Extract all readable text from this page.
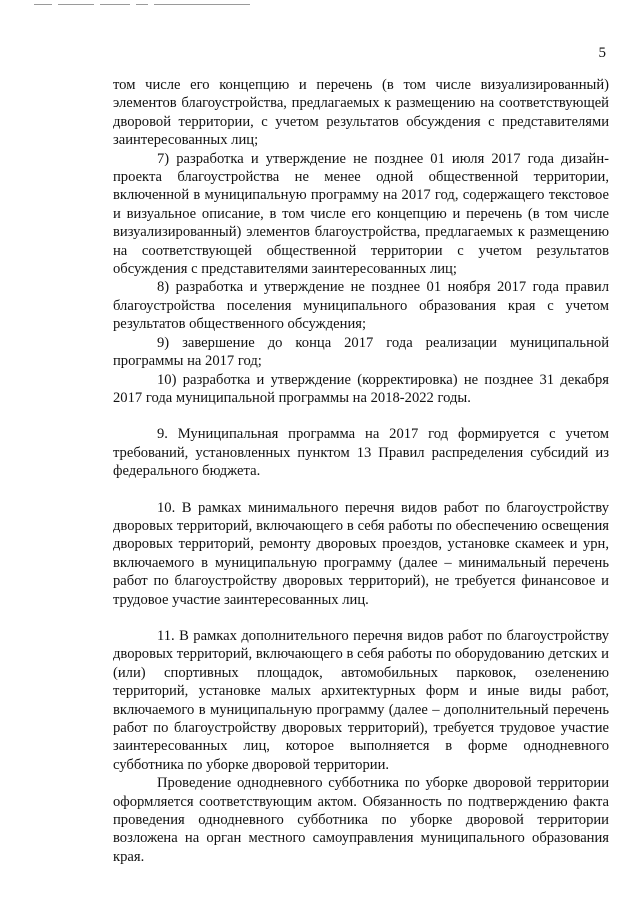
5

том числе его концепцию и перечень (в том числе визуализированный) элементов благоустройства, предлагаемых к размещению на соответствующей дворовой территории, с учетом результатов обсуждения с представителями заинтересованных лиц;

7) разработка и утверждение не позднее 01 июля 2017 года дизайн-проекта благоустройства не менее одной общественной территории, включенной в муниципальную программу на 2017 год, содержащего текстовое и визуальное описание, в том числе его концепцию и перечень (в том числе визуализированный) элементов благоустройства, предлагаемых к размещению на соответствующей общественной территории с учетом результатов обсуждения с представителями заинтересованных лиц;

8) разработка и утверждение не позднее 01 ноября 2017 года правил благоустройства поселения муниципального образования края с учетом результатов общественного обсуждения;

9) завершение до конца 2017 года реализации муниципальной программы на 2017 год;

10) разработка и утверждение (корректировка) не позднее 31 декабря 2017 года муниципальной программы на 2018-2022 годы.

9. Муниципальная программа на 2017 год формируется с учетом требований, установленных пунктом 13 Правил распределения субсидий из федерального бюджета.

10. В рамках минимального перечня видов работ по благоустройству дворовых территорий, включающего в себя работы по обеспечению освещения дворовых территорий, ремонту дворовых проездов, установке скамеек и урн, включаемого в муниципальную программу (далее – минимальный перечень работ по благоустройству дворовых территорий), не требуется финансовое и трудовое участие заинтересованных лиц.

11. В рамках дополнительного перечня видов работ по благоустройству дворовых территорий, включающего в себя работы по оборудованию детских и (или) спортивных площадок, автомобильных парковок, озеленению территорий, установке малых архитектурных форм и иные виды работ, включаемого в муниципальную программу (далее – дополнительный перечень работ по благоустройству дворовых территорий), требуется трудовое участие заинтересованных лиц, которое выполняется в форме однодневного субботника по уборке дворовой территории.

Проведение однодневного субботника по уборке дворовой территории оформляется соответствующим актом. Обязанность по подтверждению факта проведения однодневного субботника по уборке дворовой территории возложена на орган местного самоуправления муниципального образования края.
